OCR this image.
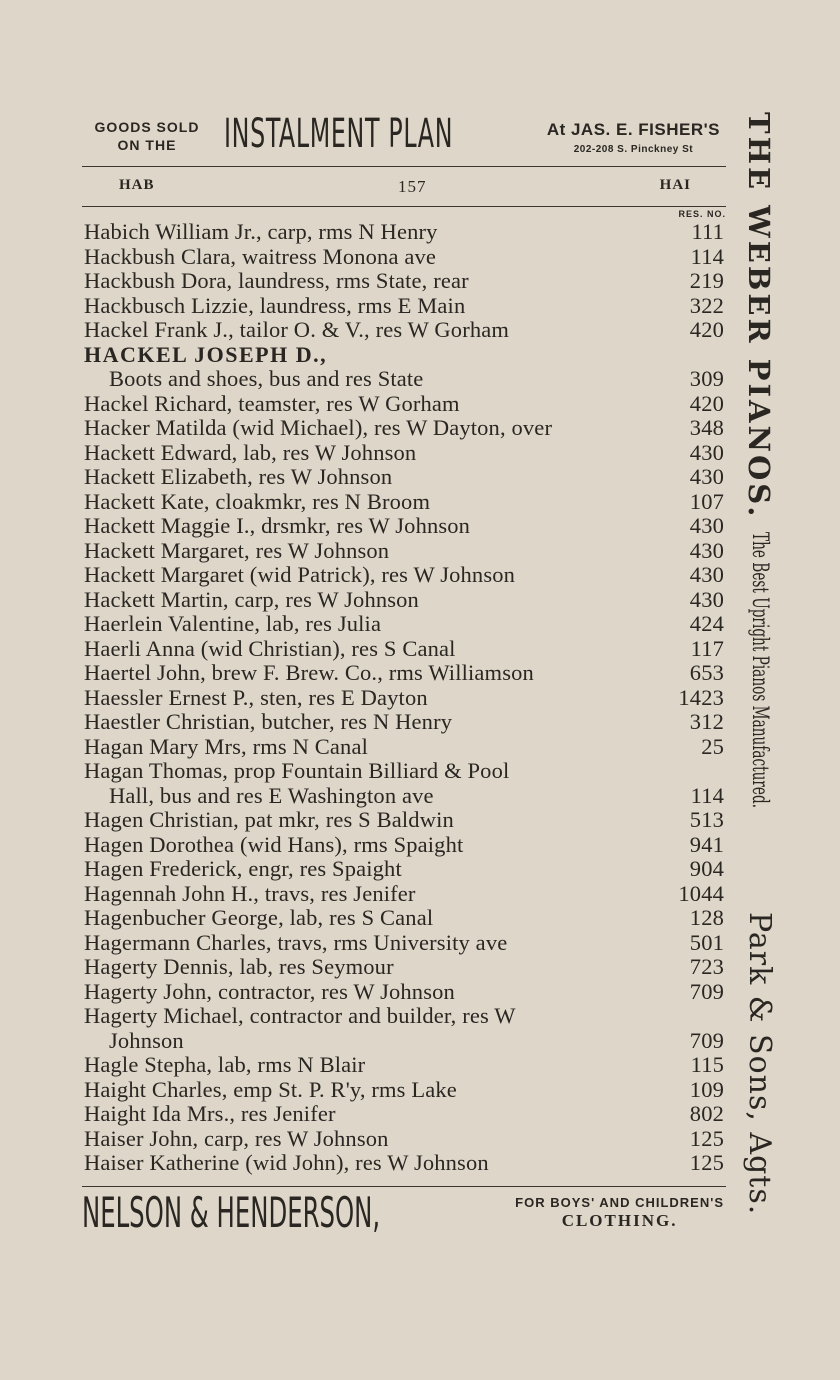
GOODS SOLD
ON THE	INSTALMENT PLAN	At JAS. E. FISHER'S
202-208 S. Pinckney St
HAB	157	HAI
RES. NO.
Habich William Jr., carp, rms N Henry	111
Hackbush Clara, waitress Monona ave	114
Hackbush Dora, laundress, rms State, rear	219
Hackbusch Lizzie, laundress, rms E Main	322
Hackel Frank J., tailor O. & V., res W Gorham	420
HACKEL JOSEPH D.,
Boots and shoes, bus and res State	309
Hackel Richard, teamster, res W Gorham	420
Hacker Matilda (wid Michael), res W Dayton, over	348
Hackett Edward, lab, res W Johnson	430
Hackett Elizabeth, res W Johnson	430
Hackett Kate, cloakmkr, res N Broom	107
Hackett Maggie I., drsmkr, res W Johnson	430
Hackett Margaret, res W Johnson	430
Hackett Margaret (wid Patrick), res W Johnson	430
Hackett Martin, carp, res W Johnson	430
Haerlein Valentine, lab, res Julia	424
Haerli Anna (wid Christian), res S Canal	117
Haertel John, brew F. Brew. Co., rms Williamson	653
Haessler Ernest P., sten, res E Dayton	1423
Haestler Christian, butcher, res N Henry	312
Hagan Mary Mrs, rms N Canal	25
Hagan Thomas, prop Fountain Billiard & Pool
Hall, bus and res E Washington ave	114
Hagen Christian, pat mkr, res S Baldwin	513
Hagen Dorothea (wid Hans), rms Spaight	941
Hagen Frederick, engr, res Spaight	904
Hagennah John H., travs, res Jenifer	1044
Hagenbucher George, lab, res S Canal	128
Hagermann Charles, travs, rms University ave	501
Hagerty Dennis, lab, res Seymour	723
Hagerty John, contractor, res W Johnson	709
Hagerty Michael, contractor and builder, res W
Johnson	709
Hagle Stepha, lab, rms N Blair	115
Haight Charles, emp St. P. R'y, rms Lake	109
Haight Ida Mrs., res Jenifer	802
Haiser John, carp, res W Johnson	125
Haiser Katherine (wid John), res W Johnson	125
NELSON & HENDERSON,	FOR BOYS' AND CHILDREN'S
CLOTHING.
THE WEBER PIANOS.
The Best Upright Pianos Manufactured.
Park & Sons, Agts.
